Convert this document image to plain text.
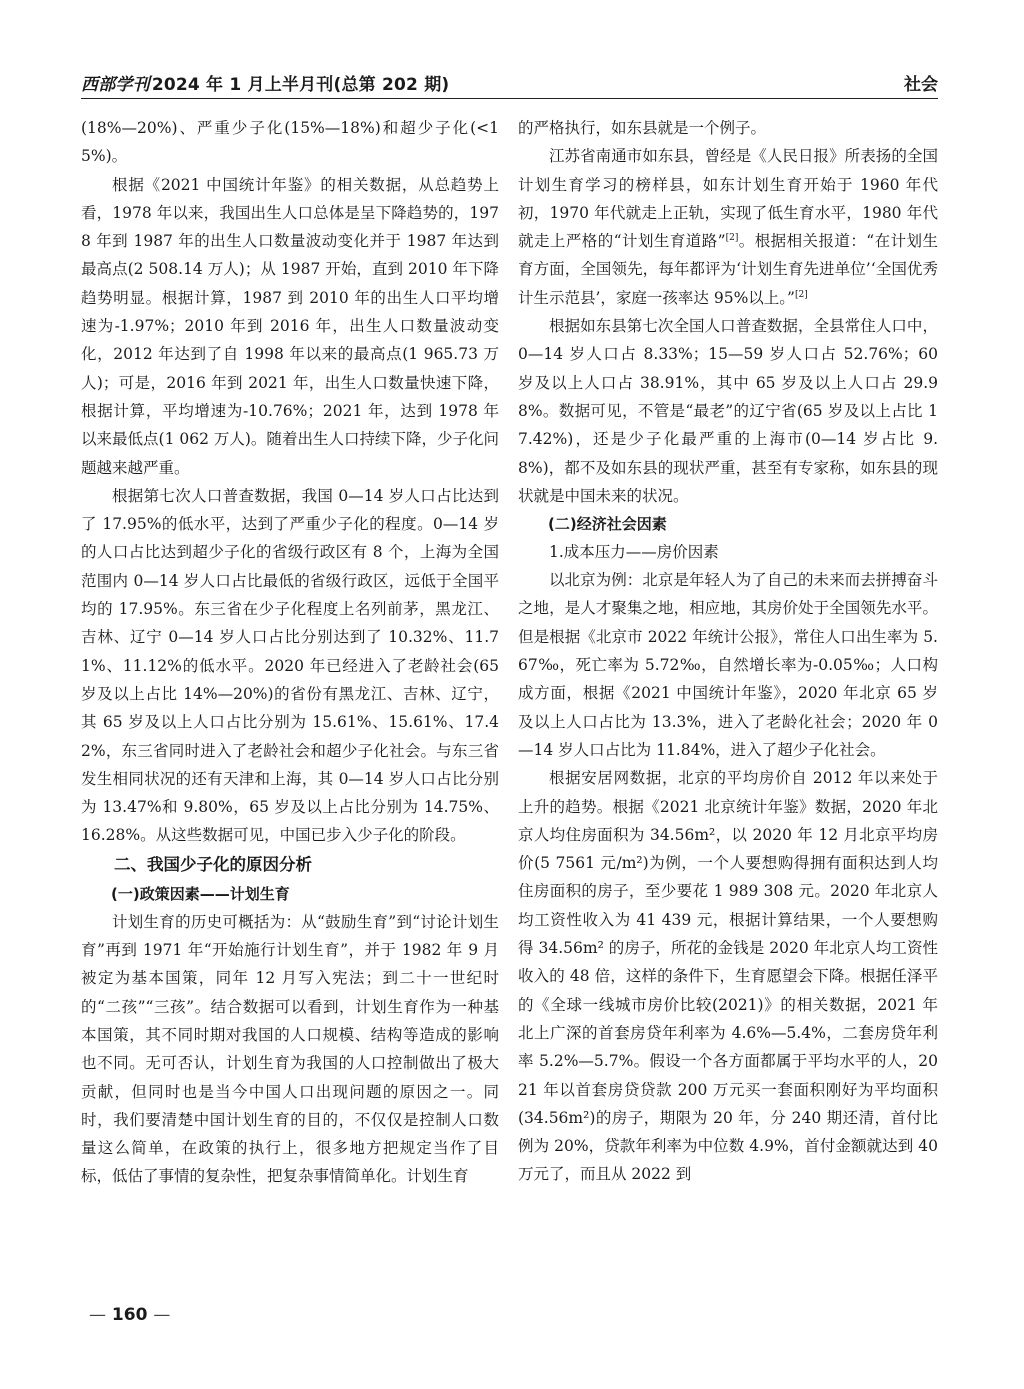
西部学刊 2024 年 1 月上半月刊(总第 202 期)	社会

(18%—20%)、严重少子化(15%—18%)和超少子化(<15%)。

根据《2021 中国统计年鉴》的相关数据，从总趋势上看，1978 年以来，我国出生人口总体是呈下降趋势的，1978 年到 1987 年的出生人口数量波动变化并于 1987 年达到最高点(2 508.14 万人)；从 1987 开始，直到 2010 年下降趋势明显。根据计算，1987 到 2010 年的出生人口平均增速为-1.97%；2010 年到 2016 年，出生人口数量波动变化，2012 年达到了自 1998 年以来的最高点(1 965.73 万人)；可是，2016 年到 2021 年，出生人口数量快速下降，根据计算，平均增速为-10.76%；2021 年，达到 1978 年以来最低点(1 062 万人)。随着出生人口持续下降，少子化问题越来越严重。

根据第七次人口普查数据，我国 0—14 岁人口占比达到了 17.95%的低水平，达到了严重少子化的程度。0—14 岁的人口占比达到超少子化的省级行政区有 8 个，上海为全国范围内 0—14 岁人口占比最低的省级行政区，远低于全国平均的 17.95%。东三省在少子化程度上名列前茅，黑龙江、吉林、辽宁 0—14 岁人口占比分别达到了 10.32%、11.71%、11.12%的低水平。2020 年已经进入了老龄社会(65 岁及以上占比 14%—20%)的省份有黑龙江、吉林、辽宁，其 65 岁及以上人口占比分别为 15.61%、15.61%、17.42%，东三省同时进入了老龄社会和超少子化社会。与东三省发生相同状况的还有天津和上海，其 0—14 岁人口占比分别为 13.47%和 9.80%，65 岁及以上占比分别为 14.75%、16.28%。从这些数据可见，中国已步入少子化的阶段。

二、我国少子化的原因分析
(一)政策因素——计划生育

计划生育的历史可概括为：从“鼓励生育”到“讨论计划生育”再到 1971 年“开始施行计划生育”，并于 1982 年 9 月被定为基本国策，同年 12 月写入宪法；到二十一世纪时的“二孩”“三孩”。结合数据可以看到，计划生育作为一种基本国策，其不同时期对我国的人口规模、结构等造成的影响也不同。无可否认，计划生育为我国的人口控制做出了极大贡献，但同时也是当今中国人口出现问题的原因之一。同时，我们要清楚中国计划生育的目的，不仅仅是控制人口数量这么简单，在政策的执行上，很多地方把规定当作了目标，低估了事情的复杂性，把复杂事情简单化。计划生育

的严格执行，如东县就是一个例子。

江苏省南通市如东县，曾经是《人民日报》所表扬的全国计划生育学习的榜样县，如东计划生育开始于 1960 年代初，1970 年代就走上正轨，实现了低生育水平，1980 年代就走上严格的“计划生育道路”[2]。根据相关报道：“在计划生育方面，全国领先，每年都评为‘计划生育先进单位’‘全国优秀计生示范县’，家庭一孩率达 95%以上。”[2]

根据如东县第七次全国人口普查数据，全县常住人口中，0—14 岁人口占 8.33%；15—59 岁人口占 52.76%；60 岁及以上人口占 38.91%，其中 65 岁及以上人口占 29.98%。数据可见，不管是“最老”的辽宁省(65 岁及以上占比 17.42%)，还是少子化最严重的上海市(0—14 岁占比 9.8%)，都不及如东县的现状严重，甚至有专家称，如东县的现状就是中国未来的状况。

(二)经济社会因素
1.成本压力——房价因素

以北京为例：北京是年轻人为了自己的未来而去拼搏奋斗之地，是人才聚集之地，相应地，其房价处于全国领先水平。但是根据《北京市 2022 年统计公报》，常住人口出生率为 5.67‰，死亡率为 5.72‰，自然增长率为-0.05‰；人口构成方面，根据《2021 中国统计年鉴》，2020 年北京 65 岁及以上人口占比为 13.3%，进入了老龄化社会；2020 年 0—14 岁人口占比为 11.84%，进入了超少子化社会。

根据安居网数据，北京的平均房价自 2012 年以来处于上升的趋势。根据《2021 北京统计年鉴》数据，2020 年北京人均住房面积为 34.56m²，以 2020 年 12 月北京平均房价(5 7561 元/m²)为例，一个人要想购得拥有面积达到人均住房面积的房子，至少要花 1 989 308 元。2020 年北京人均工资性收入为 41 439 元，根据计算结果，一个人要想购得 34.56m² 的房子，所花的金钱是 2020 年北京人均工资性收入的 48 倍，这样的条件下，生育愿望会下降。根据任泽平的《全球一线城市房价比较(2021)》的相关数据，2021 年北上广深的首套房贷年利率为 4.6%—5.4%，二套房贷年利率 5.2%—5.7%。假设一个各方面都属于平均水平的人，2021 年以首套房贷贷款 200 万元买一套面积刚好为平均面积(34.56m²)的房子，期限为 20 年，分 240 期还清，首付比例为 20%，贷款年利率为中位数 4.9%，首付金额就达到 40 万元了，而且从 2022 到

— 160 —
